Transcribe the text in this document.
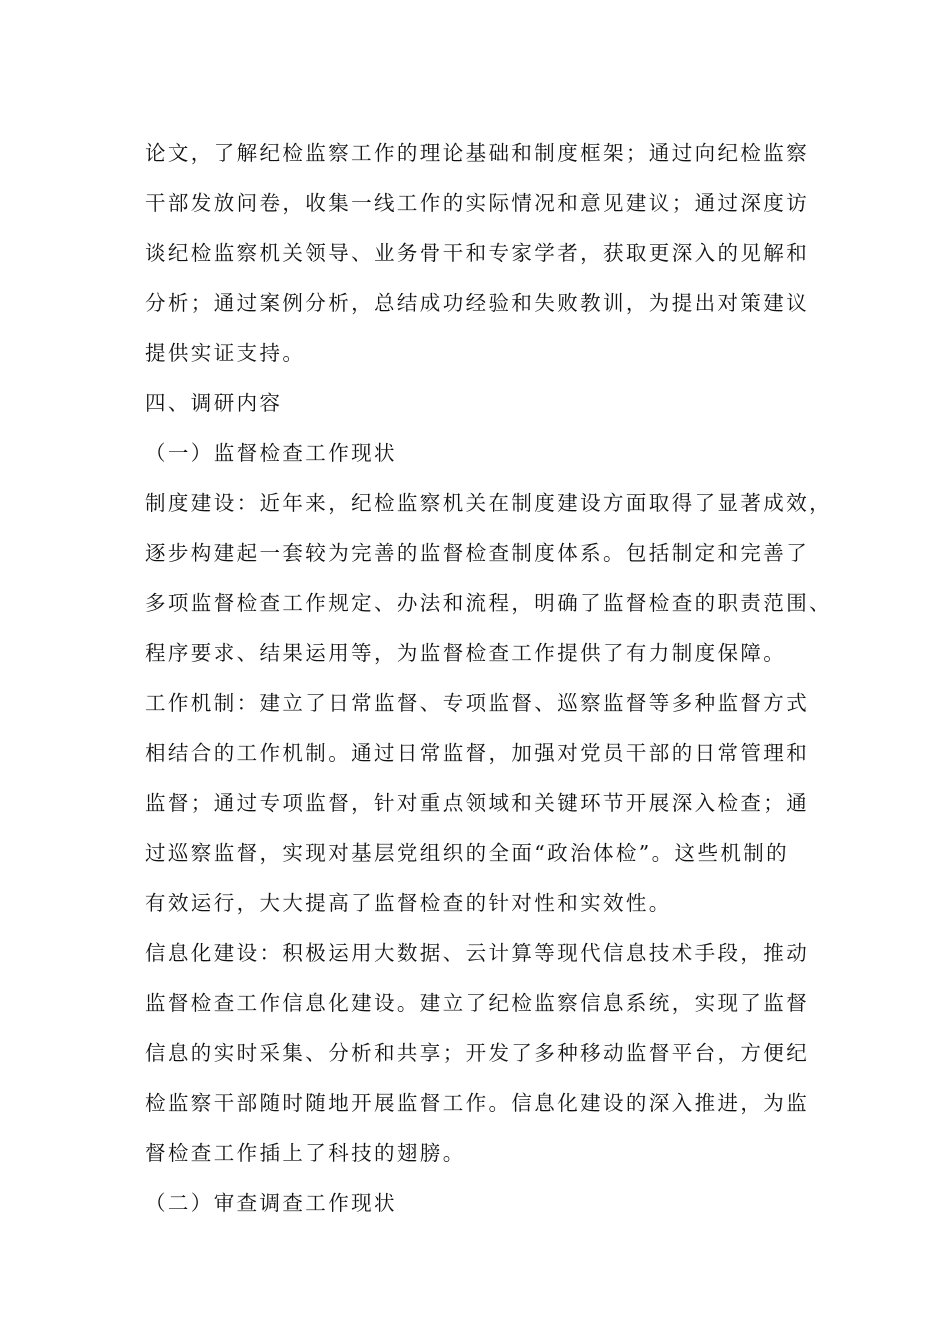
论文，了解纪检监察工作的理论基础和制度框架；通过向纪检监察
干部发放问卷，收集一线工作的实际情况和意见建议；通过深度访
谈纪检监察机关领导、业务骨干和专家学者，获取更深入的见解和
分析；通过案例分析，总结成功经验和失败教训，为提出对策建议
提供实证支持。
四、调研内容
（一）监督检查工作现状
制度建设：近年来，纪检监察机关在制度建设方面取得了显著成效，
逐步构建起一套较为完善的监督检查制度体系。包括制定和完善了
多项监督检查工作规定、办法和流程，明确了监督检查的职责范围、
程序要求、结果运用等，为监督检查工作提供了有力制度保障。
工作机制：建立了日常监督、专项监督、巡察监督等多种监督方式
相结合的工作机制。通过日常监督，加强对党员干部的日常管理和
监督；通过专项监督，针对重点领域和关键环节开展深入检查；通
过巡察监督，实现对基层党组织的全面“政治体检”。这些机制的
有效运行，大大提高了监督检查的针对性和实效性。
信息化建设：积极运用大数据、云计算等现代信息技术手段，推动
监督检查工作信息化建设。建立了纪检监察信息系统，实现了监督
信息的实时采集、分析和共享；开发了多种移动监督平台，方便纪
检监察干部随时随地开展监督工作。信息化建设的深入推进，为监
督检查工作插上了科技的翅膀。
（二）审查调查工作现状
